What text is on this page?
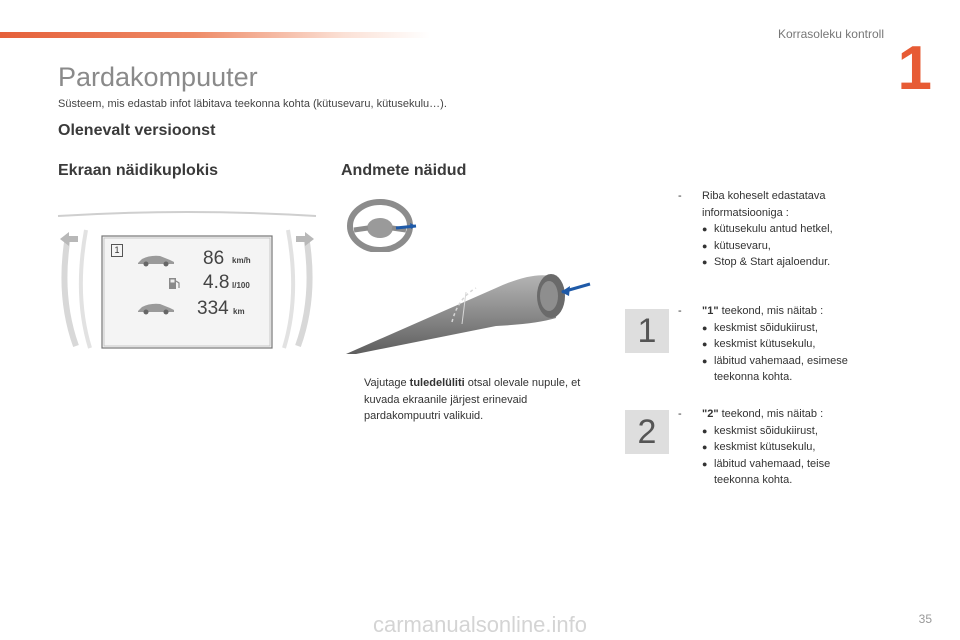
Korrasoleku kontroll 1
Pardakompuuter
Süsteem, mis edastab infot läbitava teekonna kohta (kütusevaru, kütusekulu…).
Olenevalt versioonst
Ekraan näidikuplokis	Andmete näidud
1	86 km/h
4.8 l/100
334 km
Vajutage tuledelüliti otsal olevale nupule, et kuvada ekraanile järjest erinevaid pardakompuutri valikuid.
- Riba koheselt edastatava informatsiooniga :
● kütusekulu antud hetkel,
● kütusevaru,
● Stop & Start ajaloendur.
1
- "1" teekond, mis näitab :
● keskmist sõidukiirust,
● keskmist kütusekulu,
● läbitud vahemaad, esimese teekonna kohta.
2	- "2" teekond, mis näitab :
● keskmist sõidukiirust,
● keskmist kütusekulu,
● läbitud vahemaad, teise teekonna kohta.
35
carmanualsonline.info
